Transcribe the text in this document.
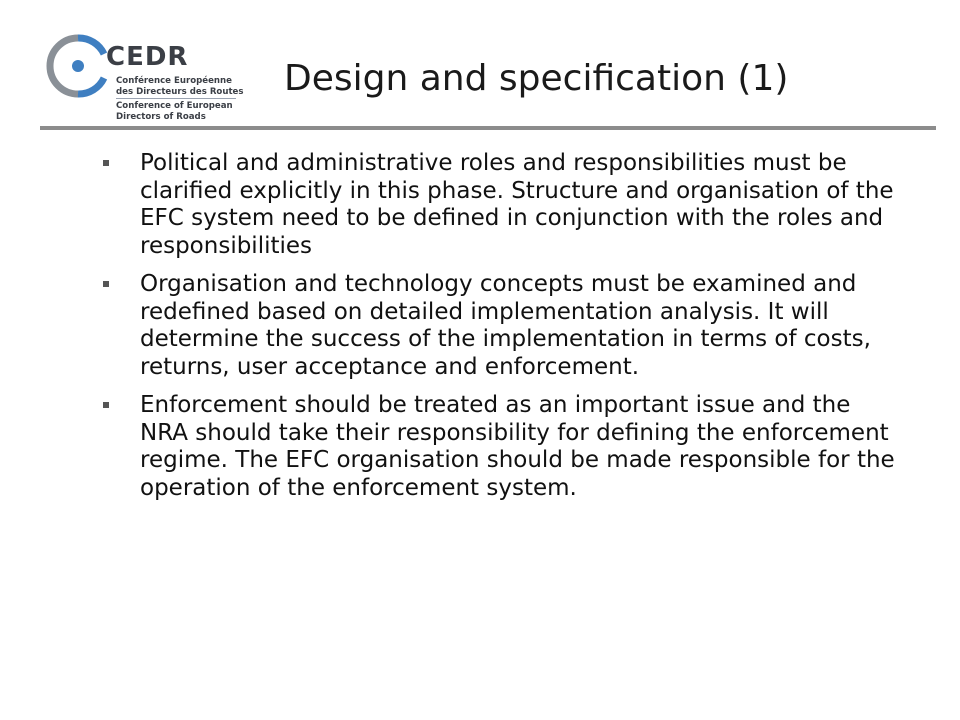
CEDR
Conférence Européenne
des Directeurs des Routes
Conference of European
Directors of Roads
Design and specification (1)
Political and administrative roles and responsibilities must be clarified explicitly in this phase. Structure and organisation of the EFC system need to be defined in conjunction with the roles and responsibilities
Organisation and technology concepts must be examined and redefined based on detailed implementation analysis. It will determine the success of the implementation in terms of costs, returns, user acceptance and enforcement.
Enforcement should be treated as an important issue and the NRA should take their responsibility for defining the enforcement regime. The EFC organisation should be made responsible for the operation of the enforcement system.
